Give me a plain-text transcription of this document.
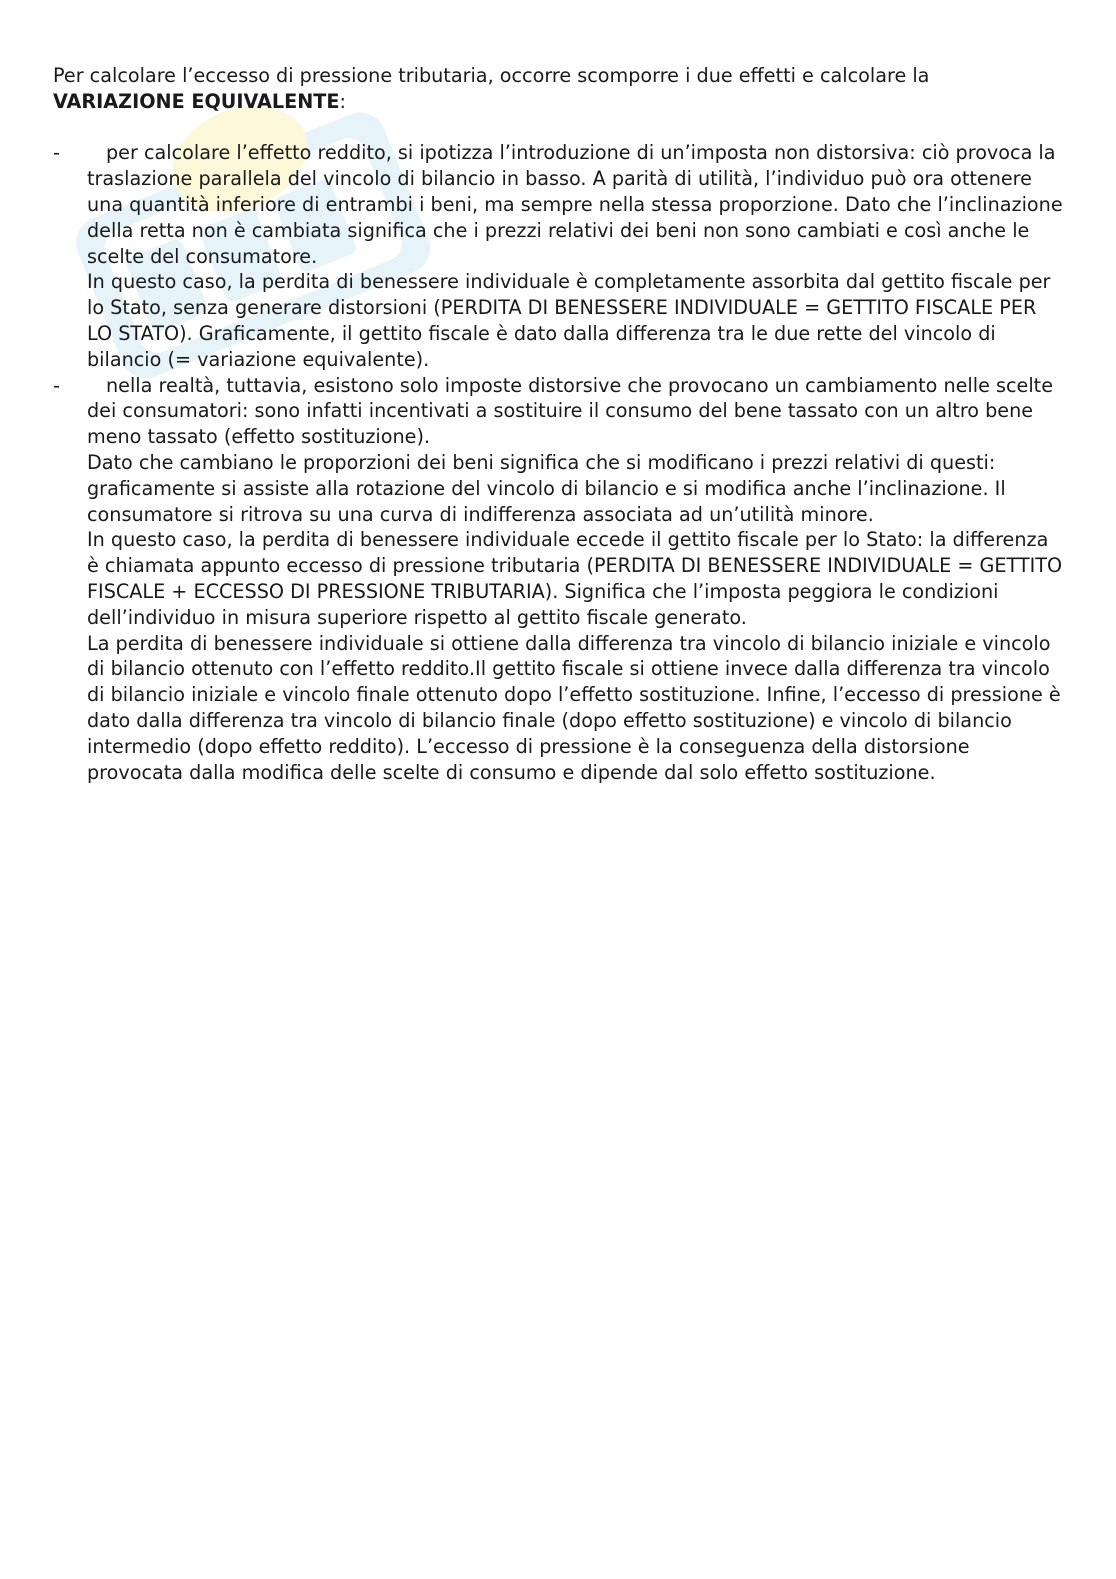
Per calcolare l’eccesso di pressione tributaria, occorre scomporre i due effetti e calcolare la

VARIAZIONE EQUIVALENTE:

-	per calcolare l’effetto reddito, si ipotizza l’introduzione di un’imposta non distorsiva: ciò provoca la traslazione parallela del vincolo di bilancio in basso. A parità di utilità, l’individuo può ora ottenere una quantità inferiore di entrambi i beni, ma sempre nella stessa proporzione. Dato che l’inclinazione della retta non è cambiata significa che i prezzi relativi dei beni non sono cambiati e così anche le scelte del consumatore.

In questo caso, la perdita di benessere individuale è completamente assorbita dal gettito fiscale per lo Stato, senza generare distorsioni (PERDITA DI BENESSERE INDIVIDUALE = GETTITO FISCALE PER LO STATO). Graficamente, il gettito fiscale è dato dalla differenza tra le due rette del vincolo di bilancio (= variazione equivalente).

-	nella realtà, tuttavia, esistono solo imposte distorsive che provocano un cambiamento nelle scelte dei consumatori: sono infatti incentivati a sostituire il consumo del bene tassato con un altro bene meno tassato (effetto sostituzione).

Dato che cambiano le proporzioni dei beni significa che si modificano i prezzi relativi di questi: graficamente si assiste alla rotazione del vincolo di bilancio e si modifica anche l’inclinazione. Il consumatore si ritrova su una curva di indifferenza associata ad un’utilità minore.

In questo caso, la perdita di benessere individuale eccede il gettito fiscale per lo Stato: la differenza è chiamata appunto eccesso di pressione tributaria (PERDITA DI BENESSERE INDIVIDUALE = GETTITO FISCALE + ECCESSO DI PRESSIONE TRIBUTARIA). Significa che l’imposta peggiora le condizioni dell’individuo in misura superiore rispetto al gettito fiscale generato.

La perdita di benessere individuale si ottiene dalla differenza tra vincolo di bilancio iniziale e vincolo di bilancio ottenuto con l’effetto reddito.Il gettito fiscale si ottiene invece dalla differenza tra vincolo di bilancio iniziale e vincolo finale ottenuto dopo l’effetto sostituzione. Infine, l’eccesso di pressione è dato dalla differenza tra vincolo di bilancio finale (dopo effetto sostituzione) e vincolo di bilancio intermedio (dopo effetto reddito). L’eccesso di pressione è la conseguenza della distorsione provocata dalla modifica delle scelte di consumo e dipende dal solo effetto sostituzione.
